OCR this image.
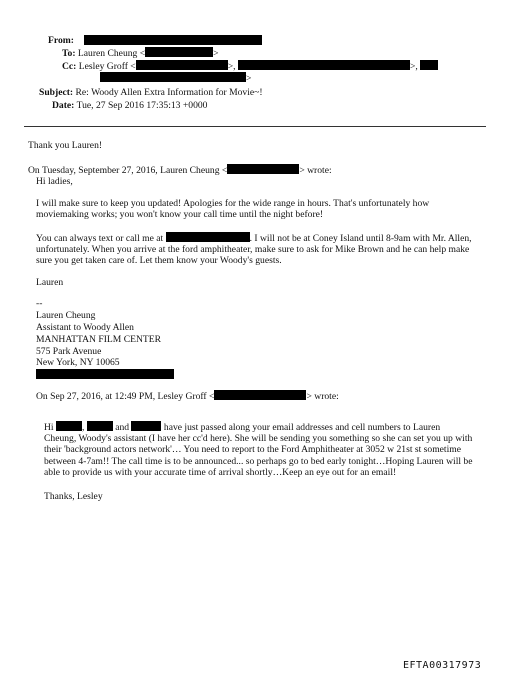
From:
To: Lauren Cheung <	>
Cc: Lesley Groff <	>,	>,
>
Subject: Re: Woody Allen Extra Information for Movie~!
Date: Tue, 27 Sep 2016 17:35:13 +0000
Thank you Lauren!
On Tuesday, September 27, 2016, Lauren Cheung <	> wrote:
Hi ladies,
I will make sure to keep you updated! Apologies for the wide range in hours. That's unfortunately how moviemaking works; you won't know your call time until the night before!
You can always text or call me at	. I will not be at Coney Island until 8-9am with Mr. Allen, unfortunately. When you arrive at the ford amphitheater, make sure to ask for Mike Brown and he can help make sure you get taken care of. Let them know your Woody's guests.
Lauren
--
Lauren Cheung
Assistant to Woody Allen
MANHATTAN FILM CENTER
575 Park Avenue
New York, NY 10065
On Sep 27, 2016, at 12:49 PM, Lesley Groff <	> wrote:
Hi	,	and	have just passed along your email addresses and cell numbers to Lauren Cheung, Woody's assistant (I have her cc'd here). She will be sending you something so she can set you up with their 'background actors network'… You need to report to the Ford Amphitheater at 3052 w 21st st sometime between 4-7am!! The call time is to be announced... so perhaps go to bed early tonight…Hoping Lauren will be able to provide us with your accurate time of arrival shortly…Keep an eye out for an email!
Thanks, Lesley
EFTA00317973
